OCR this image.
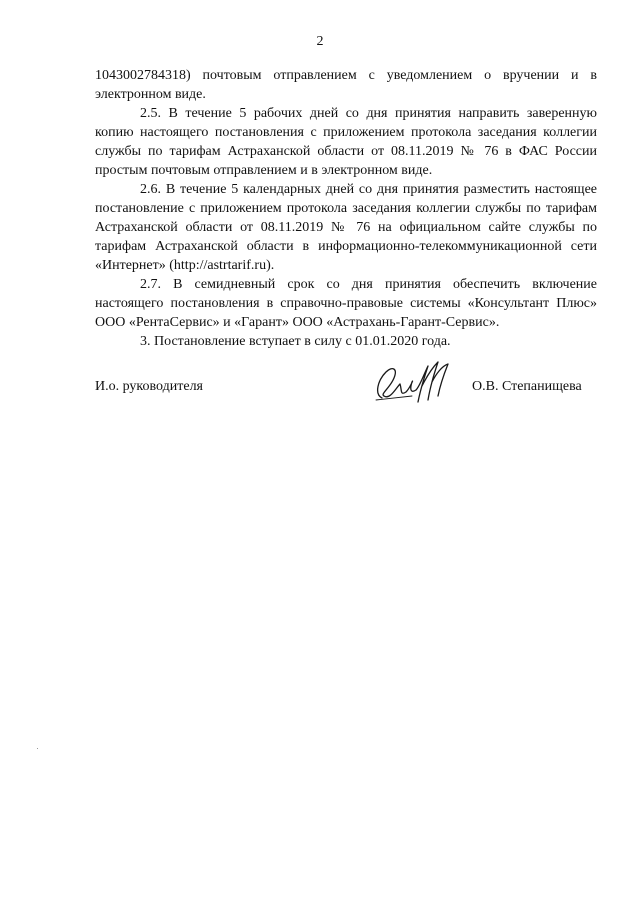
2

1043002784318) почтовым отправлением с уведомлением о вручении и в электронном виде.

2.5. В течение 5 рабочих дней со дня принятия направить заверенную копию настоящего постановления с приложением протокола заседания коллегии службы по тарифам Астраханской области от 08.11.2019 № 76 в ФАС России простым почтовым отправлением и в электронном виде.

2.6. В течение 5 календарных дней со дня принятия разместить настоящее постановление с приложением протокола заседания коллегии службы по тарифам Астраханской области от 08.11.2019 № 76 на официальном сайте службы по тарифам Астраханской области в информационно-телекоммуникационной сети «Интернет» (http://astrtarif.ru).

2.7. В семидневный срок со дня принятия обеспечить включение настоящего постановления в справочно-правовые системы «Консультант Плюс» ООО «РентаСервис» и «Гарант» ООО «Астрахань-Гарант-Сервис».

3. Постановление вступает в силу с 01.01.2020 года.

И.о. руководителя	О.В. Степанищева
